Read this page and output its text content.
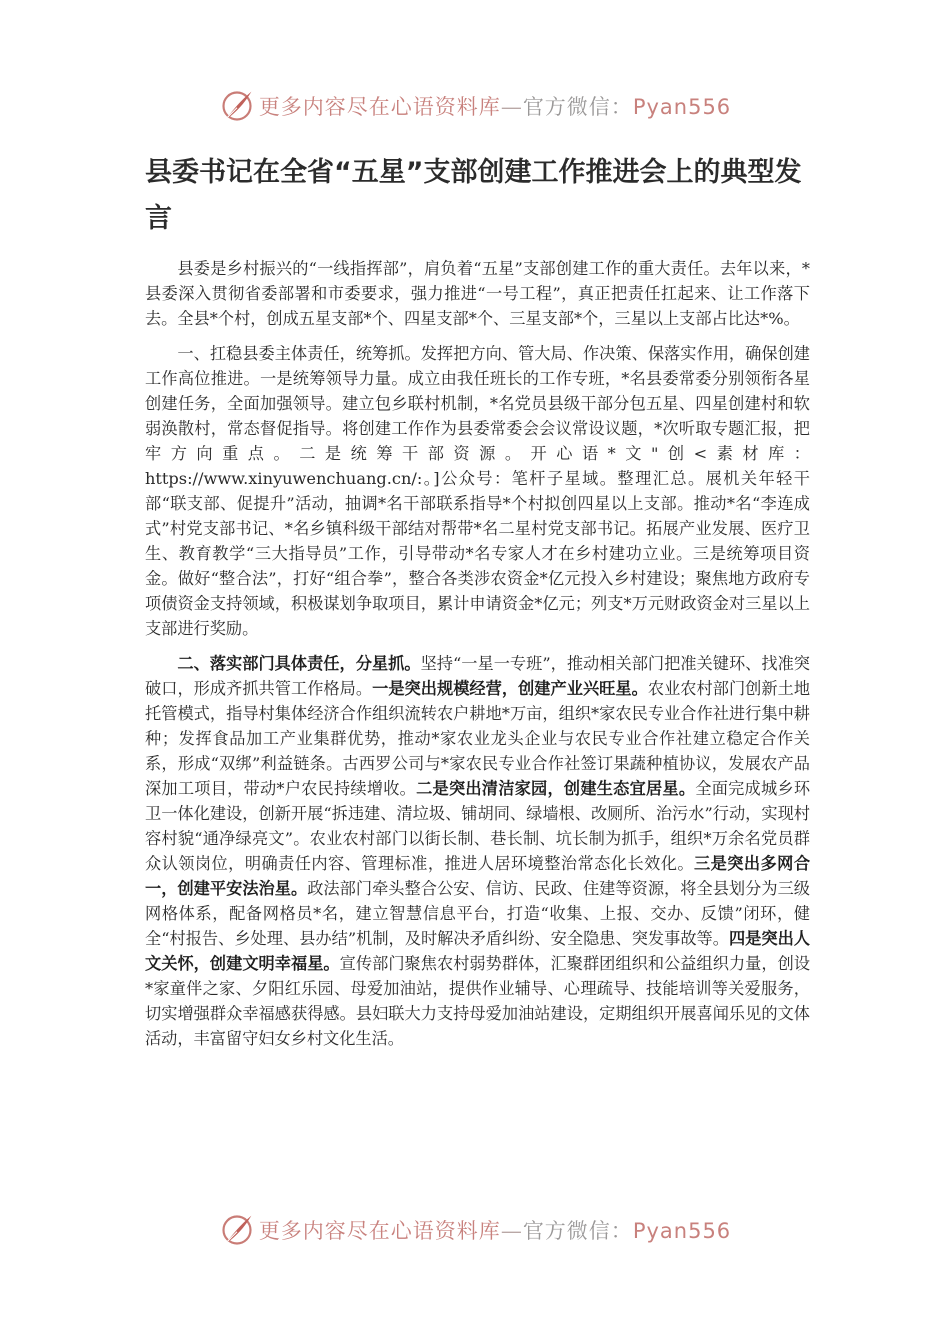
更多内容尽在心语资料库—官方微信：Pyan556
县委书记在全省“五星”支部创建工作推进会上的典型发言

县委是乡村振兴的“一线指挥部”，肩负着“五星”支部创建工作的重大责任。去年以来，*县委深入贯彻省委部署和市委要求，强力推进“一号工程”，真正把责任扛起来、让工作落下去。全县*个村，创成五星支部*个、四星支部*个、三星支部*个，三星以上支部占比达*%。

一、扛稳县委主体责任，统筹抓。发挥把方向、管大局、作决策、保落实作用，确保创建工作高位推进。一是统筹领导力量。成立由我任班长的工作专班，*名县委常委分别领衔各星创建任务，全面加强领导。建立包乡联村机制，*名党员县级干部分包五星、四星创建村和软弱涣散村，常态督促指导。将创建工作作为县委常委会会议常设议题，*次听取专题汇报，把牢方向重点。二是统筹干部资源。开心语*文"创<素材库：https://www.xinyuwenchuang.cn/:。]公众号：笔杆子星域。整理汇总。展机关年轻干部“联支部、促提升”活动，抽调*名干部联系指导*个村拟创四星以上支部。推动*名“李连成式”村党支部书记、*名乡镇科级干部结对帮带*名二星村党支部书记。拓展产业发展、医疗卫生、教育教学“三大指导员”工作，引导带动*名专家人才在乡村建功立业。三是统筹项目资金。做好“整合法”，打好“组合拳”，整合各类涉农资金*亿元投入乡村建设；聚焦地方政府专项债资金支持领域，积极谋划争取项目，累计申请资金*亿元；列支*万元财政资金对三星以上支部进行奖励。

二、落实部门具体责任，分星抓。坚持“一星一专班”，推动相关部门把准关键环、找准突破口，形成齐抓共管工作格局。一是突出规模经营，创建产业兴旺星。农业农村部门创新土地托管模式，指导村集体经济合作组织流转农户耕地*万亩，组织*家农民专业合作社进行集中耕种；发挥食品加工产业集群优势，推动*家农业龙头企业与农民专业合作社建立稳定合作关系，形成“双绑”利益链条。古西罗公司与*家农民专业合作社签订果蔬种植协议，发展农产品深加工项目，带动*户农民持续增收。二是突出清洁家园，创建生态宜居星。全面完成城乡环卫一体化建设，创新开展“拆违建、清垃圾、铺胡同、绿墙根、改厕所、治污水”行动，实现村容村貌“通净绿亮文”。农业农村部门以街长制、巷长制、坑长制为抓手，组织*万余名党员群众认领岗位，明确责任内容、管理标准，推进人居环境整治常态化长效化。三是突出多网合一，创建平安法治星。政法部门牵头整合公安、信访、民政、住建等资源，将全县划分为三级网格体系，配备网格员*名，建立智慧信息平台，打造“收集、上报、交办、反馈”闭环，健全“村报告、乡处理、县办结”机制，及时解决矛盾纠纷、安全隐患、突发事故等。四是突出人文关怀，创建文明幸福星。宣传部门聚焦农村弱势群体，汇聚群团组织和公益组织力量，创设*家童伴之家、夕阳红乐园、母爱加油站，提供作业辅导、心理疏导、技能培训等关爱服务，切实增强群众幸福感获得感。县妇联大力支持母爱加油站建设，定期组织开展喜闻乐见的文体活动，丰富留守妇女乡村文化生活。

更多内容尽在心语资料库—官方微信：Pyan556
